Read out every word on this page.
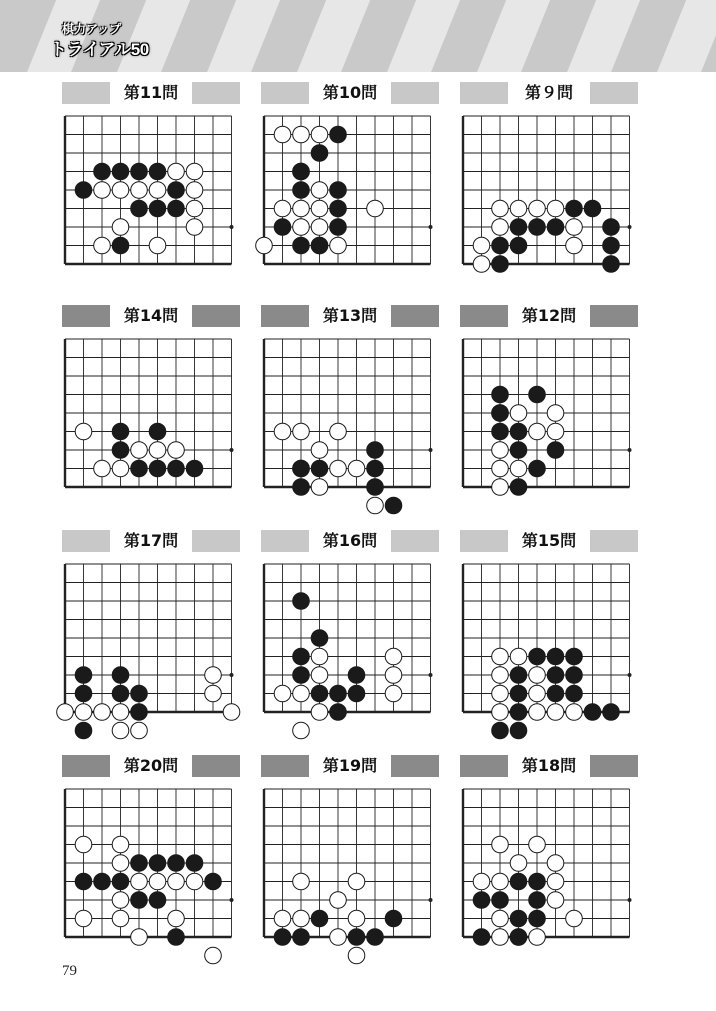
棋力アップ
トライアル50
第11問	第10問	第９問
第14問	第13問	第12問
第17問	第16問	第15問
第20問	第19問	第18問
79
